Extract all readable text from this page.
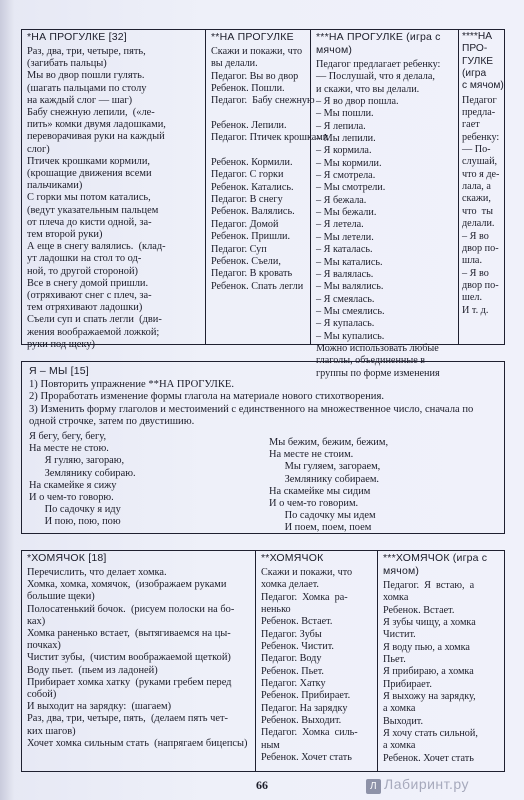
*НА ПРОГУЛКЕ [32]
Раз, два, три, четыре, пять,
(загибать пальцы)
Мы во двор пошли гулять.
(шагать пальцами по столу
на каждый слог — шаг)
Бабу снежную лепили,  («ле-
пить» комки двумя ладошками,
переворачивая руки на каждый
слог)
Птичек крошками кормили,
(крошащие движения всеми
пальчиками)
С горки мы потом катались,
(ведут указательным пальцем
от плеча до кисти одной, за-
тем второй руки)
А еще в снегу валялись.  (клад-
ут ладошки на стол то од-
ной, то другой стороной)
Все в снегу домой пришли.
(отряхивают снег с плеч, за-
тем отряхивают ладошки)
Съели суп и спать легли  (дви-
жения воображаемой ложкой;
руки под щеку)
**НА ПРОГУЛКЕ
Скажи и покажи, что
вы делали.
Педагог. Вы во двор
Ребенок. Пошли.
Педагог.  Бабу снежную

Ребенок. Лепили.
Педагог. Птичек крошками

Ребенок. Кормили.
Педагог. С горки
Ребенок. Катались.
Педагог. В снегу
Ребенок. Валялись.
Педагог. Домой
Ребенок. Пришли.
Педагог. Суп
Ребенок. Съели,
Педагог. В кровать
Ребенок. Спать легли
***НА ПРОГУЛКЕ (игра с мячом)
Педагог предлагает ребенку:
— Послушай, что я делала,
и скажи, что вы делали.
– Я во двор пошла.
– Мы пошли.
– Я лепила.
– Мы лепили.
– Я кормила.
– Мы кормили.
– Я смотрела.
– Мы смотрели.
– Я бежала.
– Мы бежали.
– Я летела.
– Мы летели.
– Я каталась.
– Мы катались.
– Я валялась.
– Мы валялись.
– Я смеялась.
– Мы смеялись.
– Я купалась.
– Мы купались.
Можно использовать любые
глаголы, объединенные в
группы по форме изменения
****НА
ПРО-
ГУЛКЕ
(игра
с мячом)
Педагог
предла-
гает
ребенку:
— По-
слушай,
что я де-
лала, а
скажи,
что  ты
делали.
– Я во
двор по-
шла.
– Я во
двор по-
шел.
И т. д.
Я – МЫ [15]
1) Повторить упражнение **НА ПРОГУЛКЕ.
2) Проработать изменение формы глагола на материале нового стихотворения.
3) Изменить форму глаголов и местоимений с единственного на множественное число, сначала по
одной строчке, затем по двустишию.
Я бегу, бегу, бегу,
На месте не стою.
Я гуляю, загораю,
Землянику собираю.
На скамейке я сижу
И о чем-то говорю.
По садочку я иду
И пою, пою, пою
Мы бежим, бежим, бежим,
На месте не стоим.
Мы гуляем, загораем,
Землянику собираем.
На скамейке мы сидим
И о чем-то говорим.
По садочку мы идем
И поем, поем, поем
*ХОМЯЧОК [18]
Перечислить, что делает хомка.
Хомка, хомка, хомячок,  (изображаем руками
большие щеки)
Полосатенький бочок.  (рисуем полоски на бо-
ках)
Хомка раненько встает,  (вытягиваемся на цы-
почках)
Чистит зубы,  (чистим воображаемой щеткой)
Воду пьет.  (пьем из ладоней)
Прибирает хомка хатку  (руками гребем перед
собой)
И выходит на зарядку:  (шагаем)
Раз, два, три, четыре, пять,  (делаем пять чет-
ких шагов)
Хочет хомка сильным стать  (напрягаем бицепсы)
**ХОМЯЧОК
Скажи и покажи, что
хомка делает.
Педагог.  Хомка  ра-
ненько
Ребенок. Встает.
Педагог. Зубы
Ребенок. Чистит.
Педагог. Воду
Ребенок. Пьет.
Педагог. Хатку
Ребенок. Прибирает.
Педагог. На зарядку
Ребенок. Выходит.
Педагог.  Хомка  силь-
ным
Ребенок. Хочет стать
***ХОМЯЧОК (игра с мячом)
Педагог.  Я  встаю,  а
хомка
Ребенок. Встает.
Я зубы чищу, а хомка
Чистит.
Я воду пью, а хомка
Пьет.
Я прибираю, а хомка
Прибирает.
Я выхожу на зарядку,
а хомка
Выходит.
Я хочу стать сильной,
а хомка
Ребенок. Хочет стать
66	Л Лабиринт.ру
